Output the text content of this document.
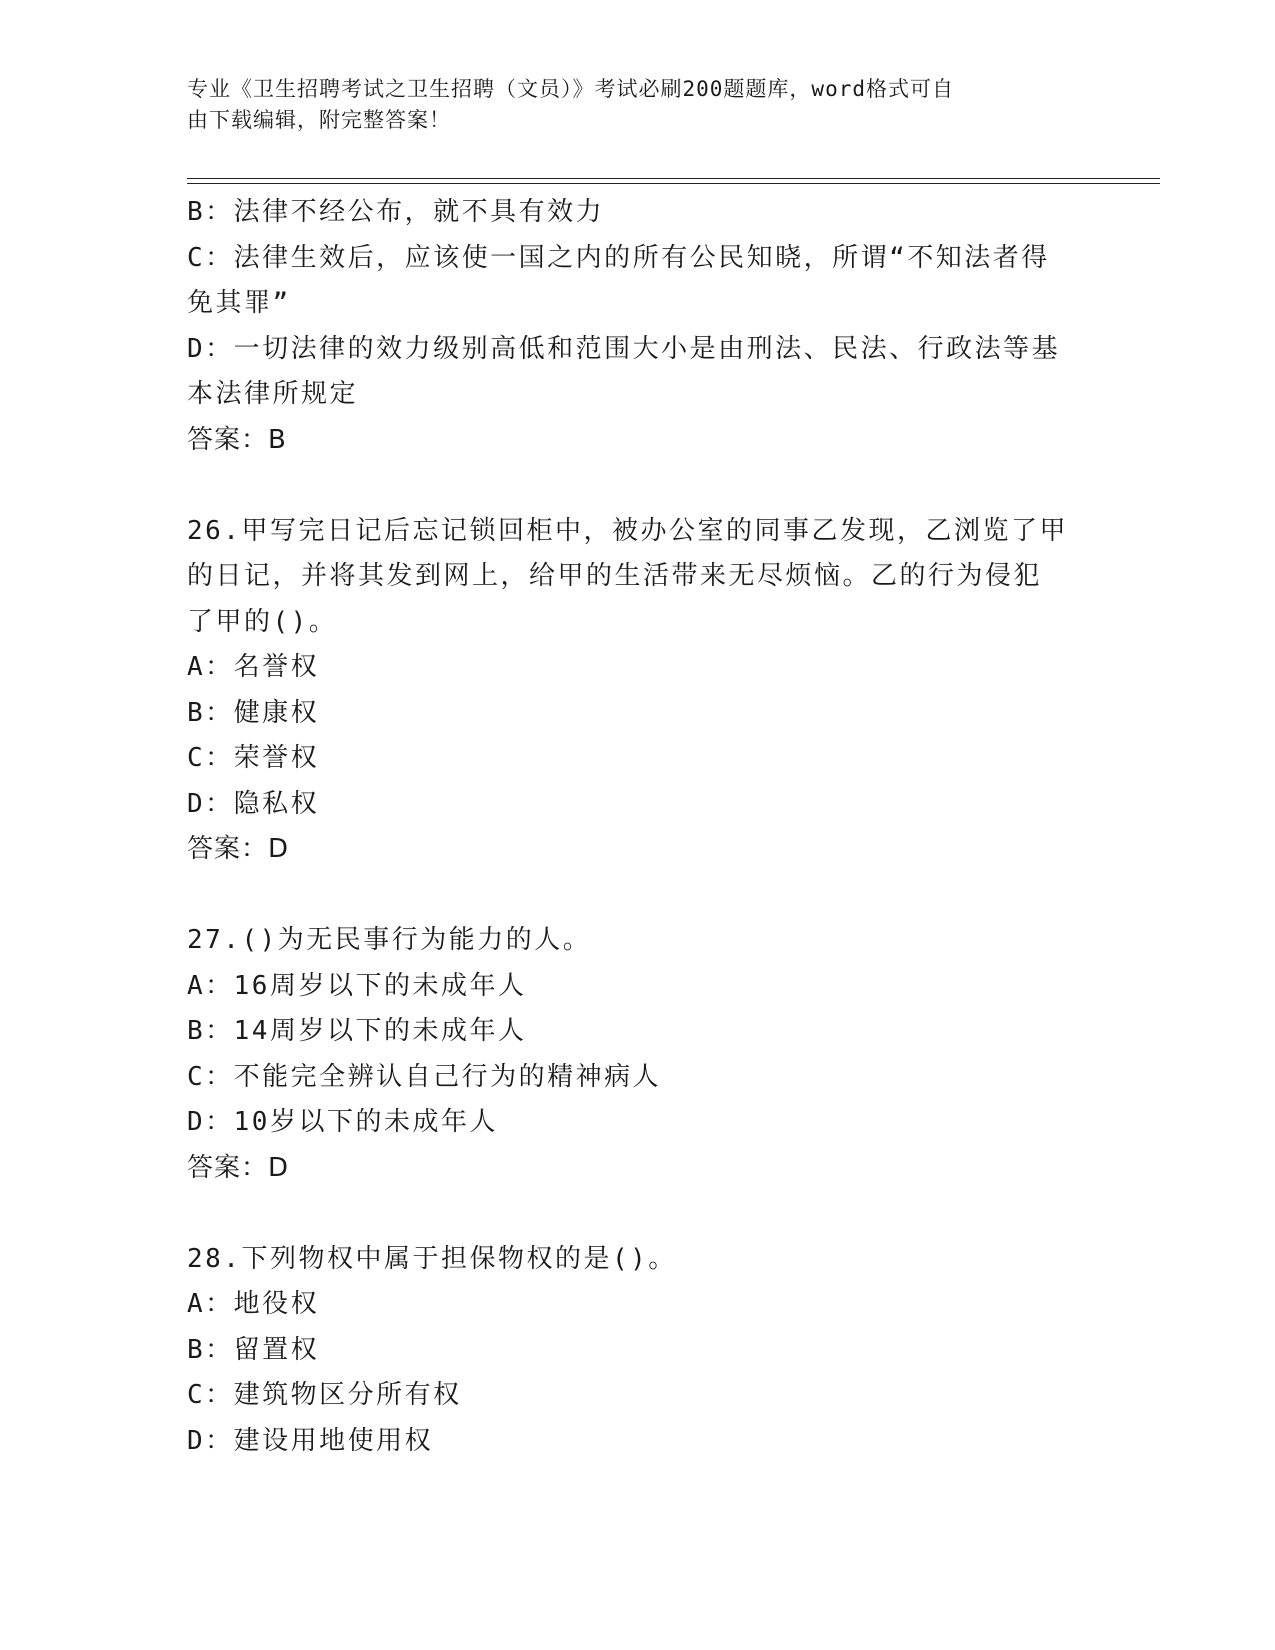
专业《卫生招聘考试之卫生招聘（文员）》考试必刷200题题库，word格式可自
由下载编辑，附完整答案！
B：法律不经公布，就不具有效力
C：法律生效后，应该使一国之内的所有公民知晓，所谓“不知法者得
免其罪”
D：一切法律的效力级别高低和范围大小是由刑法、民法、行政法等基
本法律所规定
答案：B
26.甲写完日记后忘记锁回柜中，被办公室的同事乙发现，乙浏览了甲
的日记，并将其发到网上，给甲的生活带来无尽烦恼。乙的行为侵犯
了甲的()。
A：名誉权
B：健康权
C：荣誉权
D：隐私权
答案：D
27.()为无民事行为能力的人。
A：16周岁以下的未成年人
B：14周岁以下的未成年人
C：不能完全辨认自己行为的精神病人
D：10岁以下的未成年人
答案：D
28.下列物权中属于担保物权的是()。
A：地役权
B：留置权
C：建筑物区分所有权
D：建设用地使用权
